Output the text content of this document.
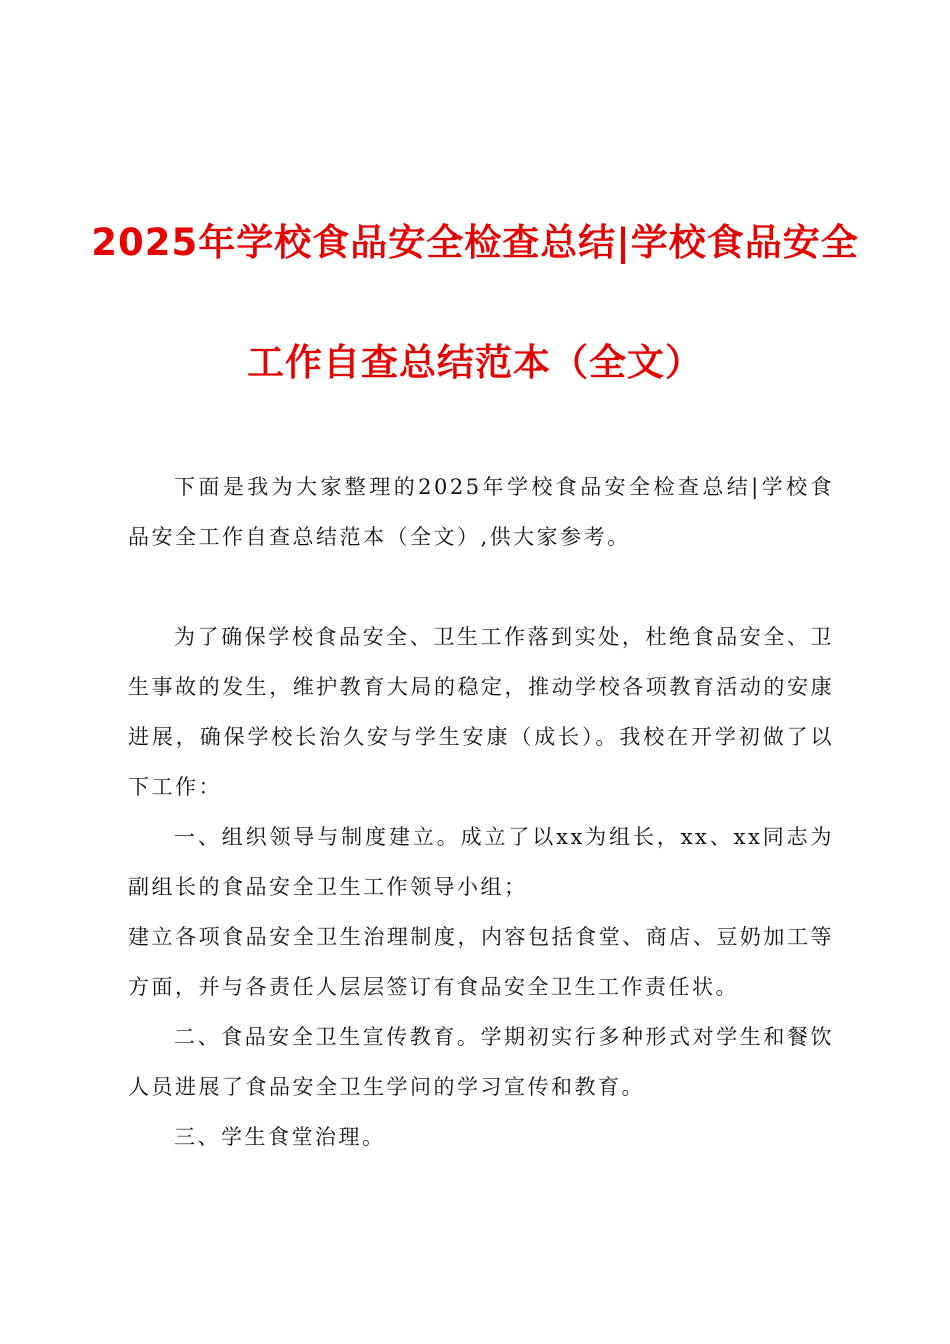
2025年学校食品安全检查总结|学校食品安全
工作自查总结范本（全文）

下面是我为大家整理的2025年学校食品安全检查总结|学校食品安全工作自查总结范本（全文）,供大家参考。

为了确保学校食品安全、卫生工作落到实处，杜绝食品安全、卫生事故的发生，维护教育大局的稳定，推动学校各项教育活动的安康进展，确保学校长治久安与学生安康（成长）。我校在开学初做了以下工作：

一、组织领导与制度建立。成立了以xx为组长，xx、xx同志为副组长的食品安全卫生工作领导小组；

建立各项食品安全卫生治理制度，内容包括食堂、商店、豆奶加工等方面，并与各责任人层层签订有食品安全卫生工作责任状。

二、食品安全卫生宣传教育。学期初实行多种形式对学生和餐饮人员进展了食品安全卫生学问的学习宣传和教育。

三、学生食堂治理。
